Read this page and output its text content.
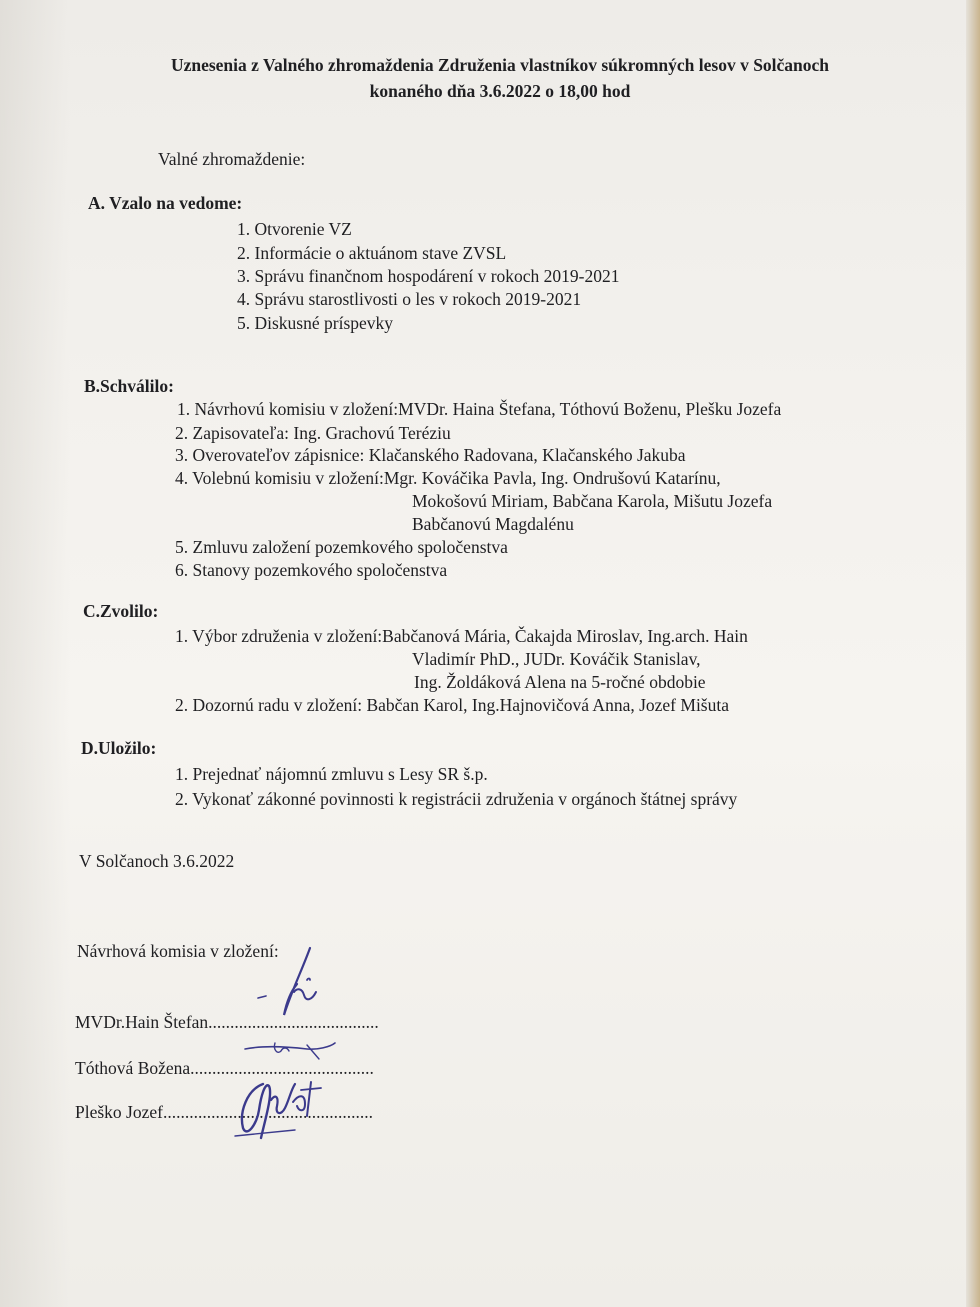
Uznesenia z Valného zhromaždenia Združenia vlastníkov súkromných lesov v Solčanoch
konaného dňa 3.6.2022 o 18,00 hod
Valné zhromaždenie:
A. Vzalo na vedome:
1. Otvorenie VZ
2. Informácie o aktuánom stave ZVSL
3. Správu finančnom hospodárení v rokoch 2019-2021
4. Správu starostlivosti o les v rokoch 2019-2021
5. Diskusné príspevky
B.Schválilo:
1. Návrhovú komisiu v zložení:MVDr. Haina Štefana, Tóthovú Boženu, Plešku Jozefa
2. Zapisovateľa: Ing. Grachovú Teréziu
3. Overovateľov zápisnice: Klačanského Radovana, Klačanského Jakuba
4. Volebnú komisiu v zložení:Mgr. Kováčika Pavla, Ing. Ondrušovú Katarínu,
Mokošovú Miriam, Babčana Karola, Mišutu Jozefa
Babčanovú Magdalénu
5. Zmluvu založení pozemkového spoločenstva
6. Stanovy pozemkového spoločenstva
C.Zvolilo:
1. Výbor združenia v zložení:Babčanová Mária, Čakajda Miroslav, Ing.arch. Hain
Vladimír PhD., JUDr. Kováčik Stanislav,
Ing. Žoldáková Alena na 5-ročné obdobie
2. Dozornú radu v zložení: Babčan Karol, Ing.Hajnovičová Anna, Jozef Mišuta
D.Uložilo:
1. Prejednať nájomnú zmluvu s Lesy SR š.p.
2. Vykonať zákonné povinnosti k registrácii združenia v orgánoch štátnej správy
V Solčanoch 3.6.2022
Návrhová komisia v zložení:
MVDr.Hain Štefan.......................................
Tóthová Božena..........................................
Pleško Jozef................................................
